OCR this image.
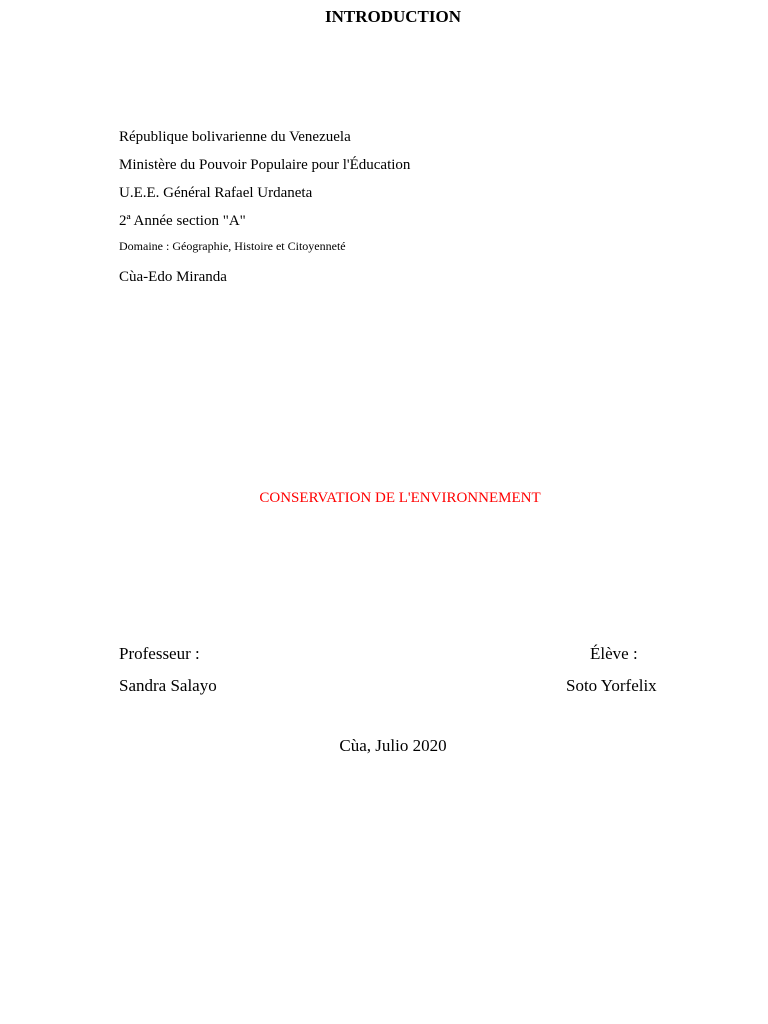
INTRODUCTION
République bolivarienne du Venezuela
Ministère du Pouvoir Populaire pour l'Éducation
U.E.E. Général Rafael Urdaneta
2ª Année section "A"
Domaine : Géographie, Histoire et Citoyenneté
Cùa-Edo Miranda
CONSERVATION DE L'ENVIRONNEMENT
Professeur :
Sandra Salayo
Élève :
Soto Yorfelix
Cùa, Julio 2020
